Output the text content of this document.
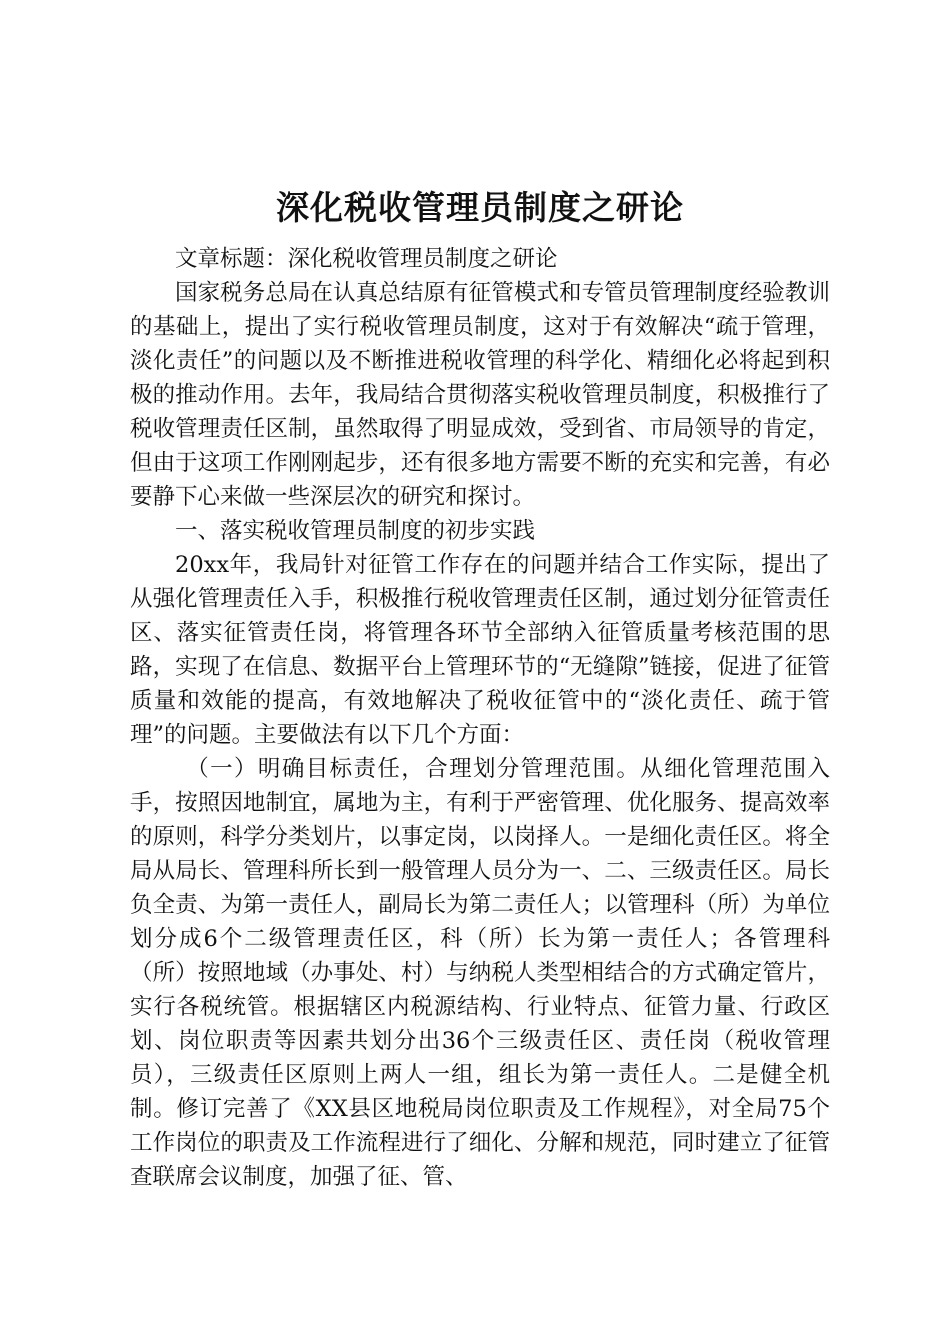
深化税收管理员制度之研论

文章标题：深化税收管理员制度之研论

国家税务总局在认真总结原有征管模式和专管员管理制度经验教训的基础上，提出了实行税收管理员制度，这对于有效解决“疏于管理，淡化责任”的问题以及不断推进税收管理的科学化、精细化必将起到积极的推动作用。去年，我局结合贯彻落实税收管理员制度，积极推行了税收管理责任区制，虽然取得了明显成效，受到省、市局领导的肯定，但由于这项工作刚刚起步，还有很多地方需要不断的充实和完善，有必要静下心来做一些深层次的研究和探讨。

一、落实税收管理员制度的初步实践

20xx年，我局针对征管工作存在的问题并结合工作实际，提出了从强化管理责任入手，积极推行税收管理责任区制，通过划分征管责任区、落实征管责任岗，将管理各环节全部纳入征管质量考核范围的思路，实现了在信息、数据平台上管理环节的“无缝隙”链接，促进了征管质量和效能的提高，有效地解决了税收征管中的“淡化责任、疏于管理”的问题。主要做法有以下几个方面：

（一）明确目标责任，合理划分管理范围。从细化管理范围入手，按照因地制宜，属地为主，有利于严密管理、优化服务、提高效率的原则，科学分类划片，以事定岗，以岗择人。一是细化责任区。将全局从局长、管理科所长到一般管理人员分为一、二、三级责任区。局长负全责、为第一责任人，副局长为第二责任人；以管理科（所）为单位划分成6个二级管理责任区，科（所）长为第一责任人；各管理科（所）按照地域（办事处、村）与纳税人类型相结合的方式确定管片，实行各税统管。根据辖区内税源结构、行业特点、征管力量、行政区划、岗位职责等因素共划分出36个三级责任区、责任岗（税收管理员），三级责任区原则上两人一组，组长为第一责任人。二是健全机制。修订完善了《XX县区地税局岗位职责及工作规程》，对全局75个工作岗位的职责及工作流程进行了细化、分解和规范，同时建立了征管查联席会议制度，加强了征、管、
